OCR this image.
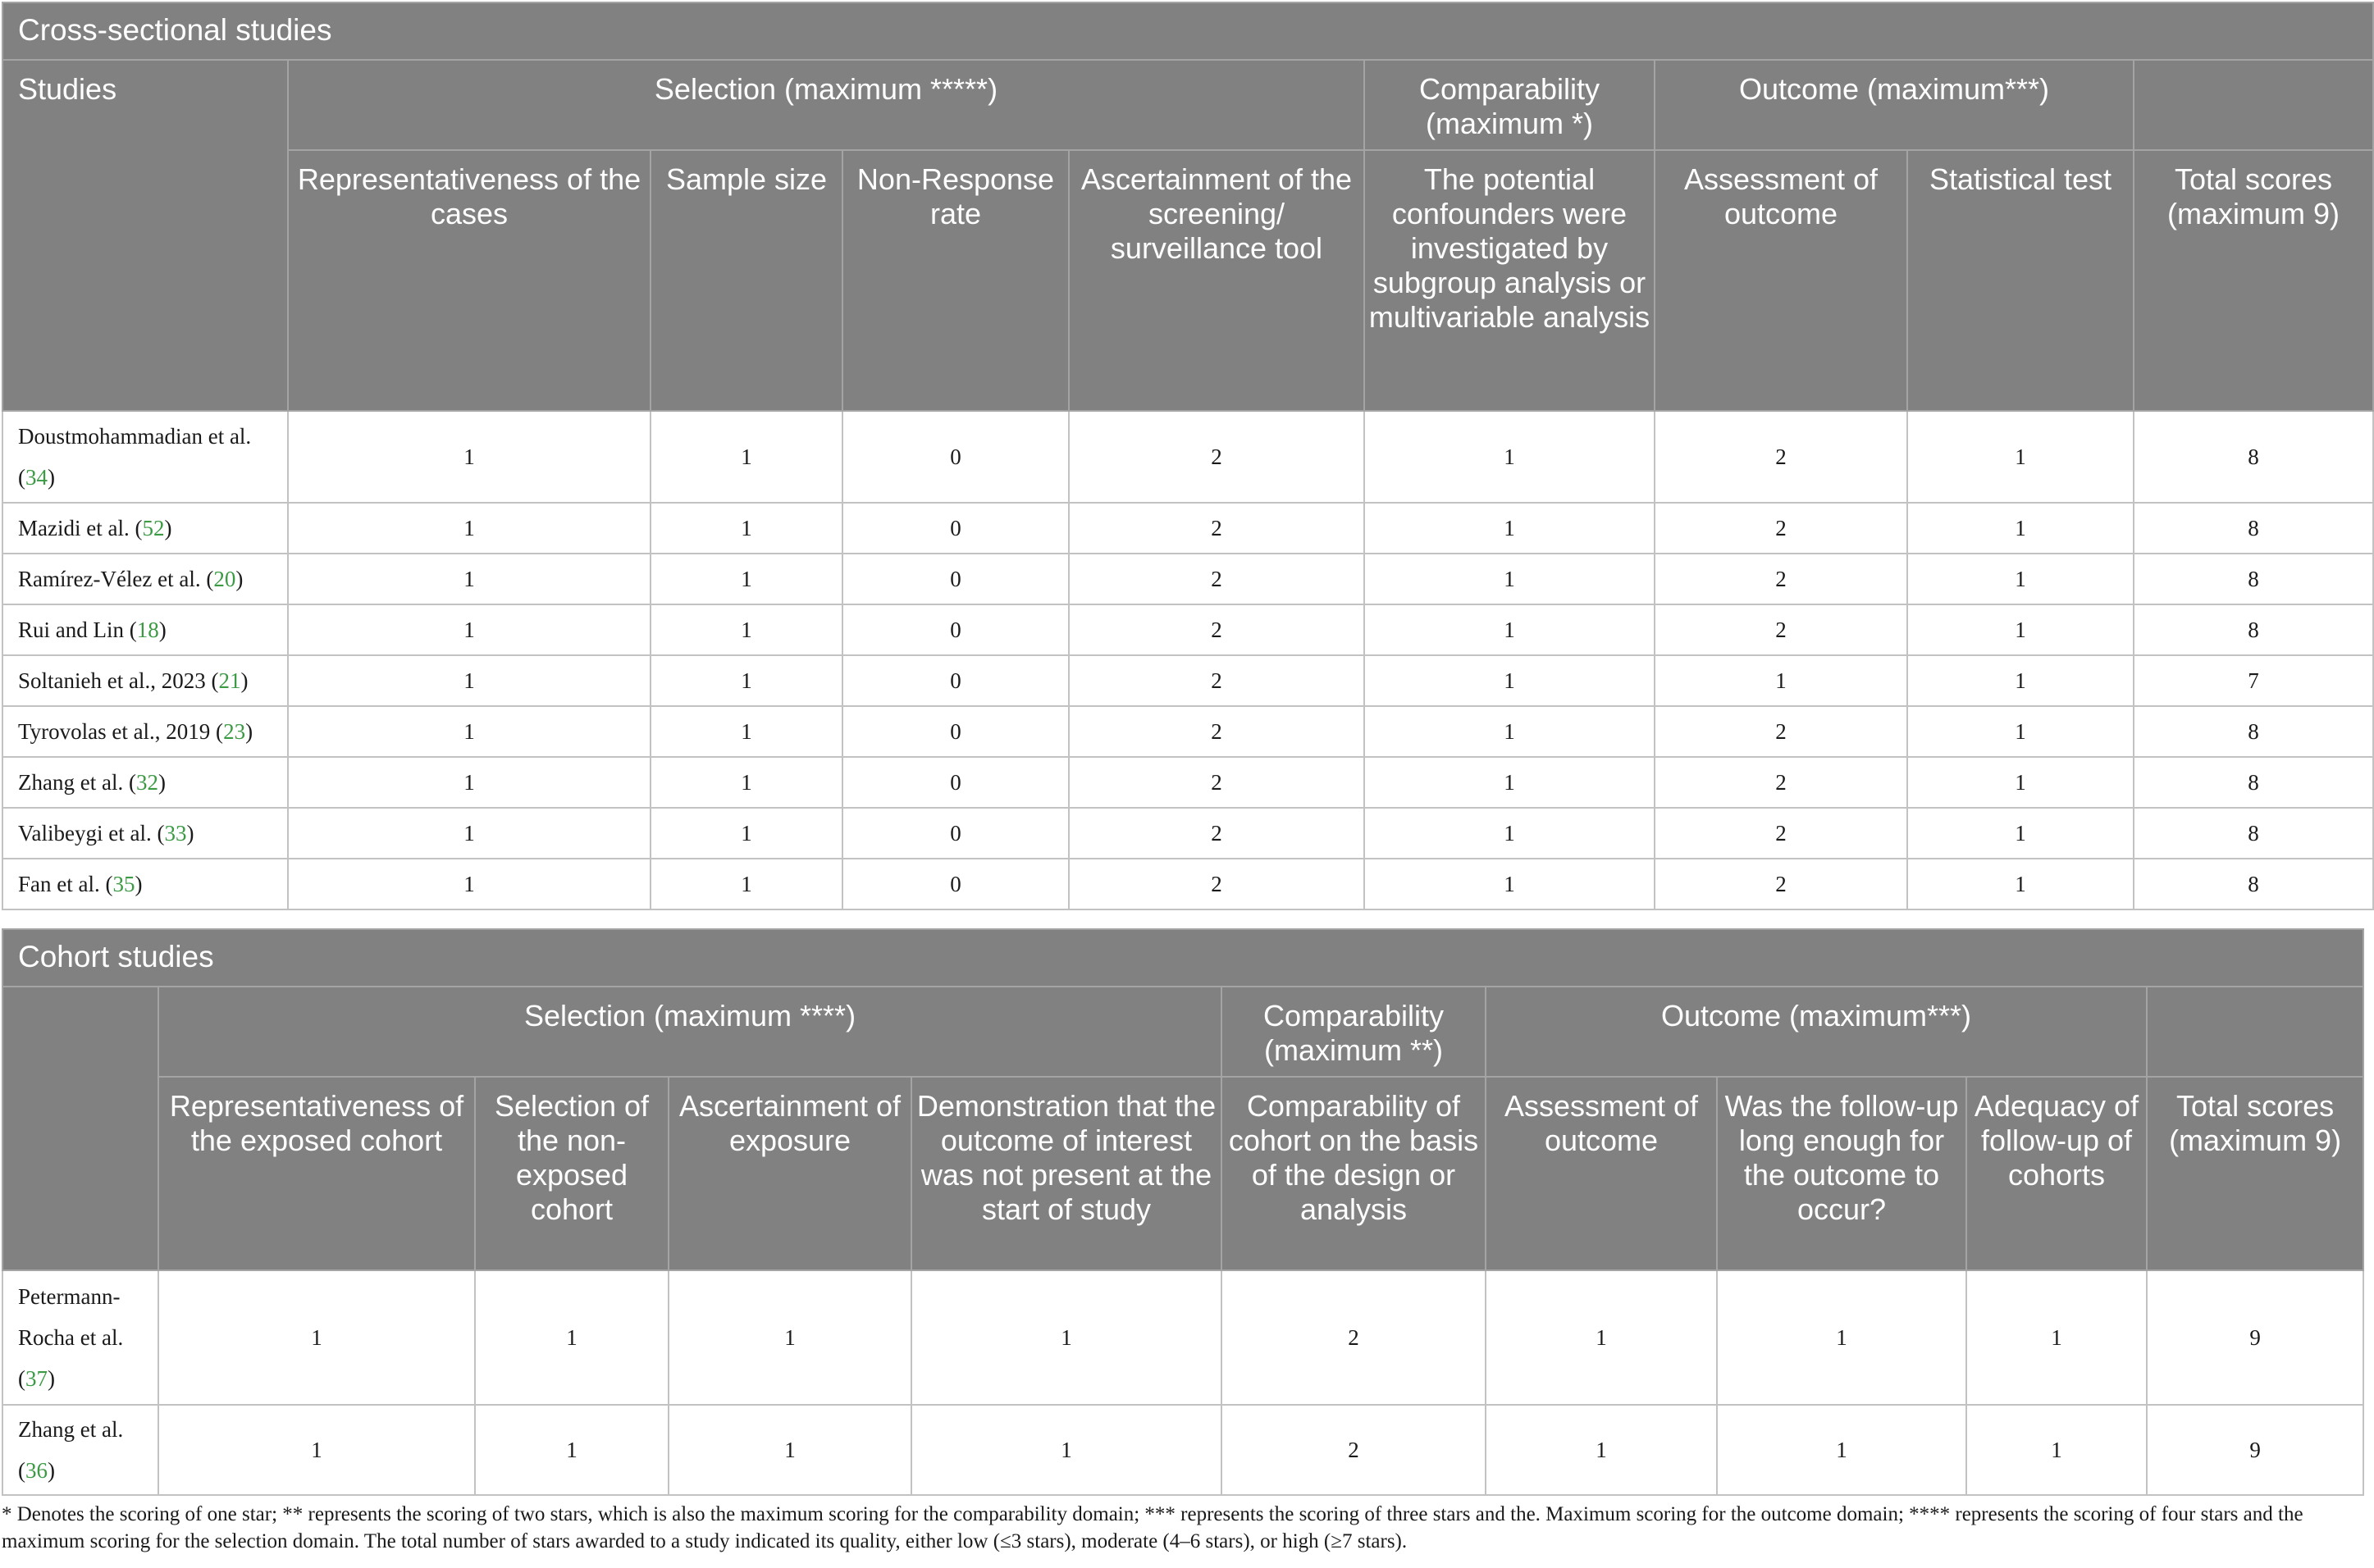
Cross-sectional studies								

Studies	Selection (maximum *****)				Comparability (maximum *)	Outcome (maximum***)		

	Representativeness of the cases	Sample size	Non-Response rate	Ascertainment of the screening/ surveillance tool	The potential confounders were investigated by subgroup analysis or multivariable analysis	Assessment of outcome	Statistical test	Total scores (maximum 9)

Doustmohammadian et al. (34)	1	1	0	2	1	2	1	8
Mazidi et al. (52)	1	1	0	2	1	2	1	8
Ramírez-Vélez et al. (20)	1	1	0	2	1	2	1	8
Rui and Lin (18)	1	1	0	2	1	2	1	8
Soltanieh et al., 2023 (21)	1	1	0	2	1	1	1	7
Tyrovolas et al., 2019 (23)	1	1	0	2	1	2	1	8
Zhang et al. (32)	1	1	0	2	1	2	1	8
Valibeygi et al. (33)	1	1	0	2	1	2	1	8
Fan et al. (35)	1	1	0	2	1	2	1	8
Cohort studies									

	Selection (maximum ****)				Comparability (maximum **)	Outcome (maximum***)			

	Representativeness of the exposed cohort	Selection of the non-exposed cohort	Ascertainment of exposure	Demonstration that the outcome of interest was not present at the start of study	Comparability of cohort on the basis of the design or analysis	Assessment of outcome	Was the follow-up long enough for the outcome to occur?	Adequacy of follow-up of cohorts	Total scores (maximum 9)

Petermann-Rocha et al. (37)	1	1	1	1	2	1	1	1	9
Zhang et al. (36)	1	1	1	1	2	1	1	1	9

* Denotes the scoring of one star; ** represents the scoring of two stars, which is also the maximum scoring for the comparability domain; *** represents the scoring of three stars and the. Maximum scoring for the outcome domain; **** represents the scoring of four stars and the maximum scoring for the selection domain. The total number of stars awarded to a study indicated its quality, either low (≤3 stars), moderate (4–6 stars), or high (≥7 stars).
